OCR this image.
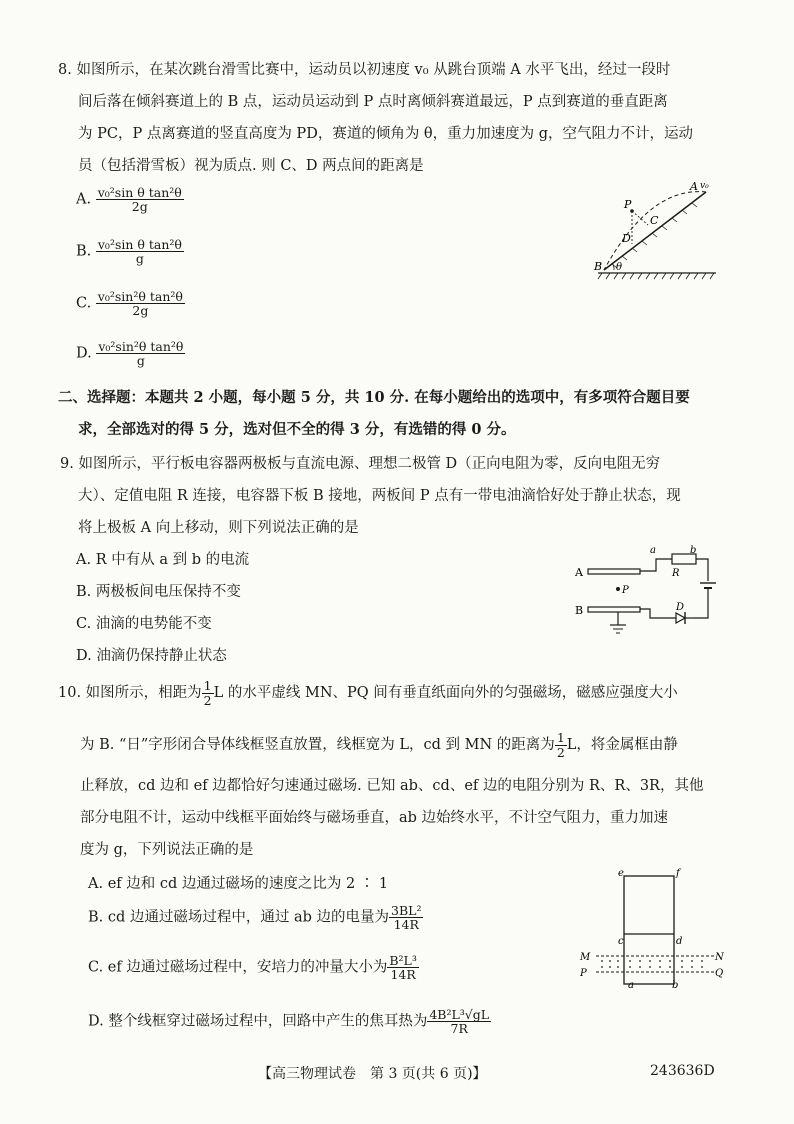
8. 如图所示，在某次跳台滑雪比赛中，运动员以初速度 v₀ 从跳台顶端 A 水平飞出，经过一段时
间后落在倾斜赛道上的 B 点，运动员运动到 P 点时离倾斜赛道最远，P 点到赛道的垂直距离
为 PC，P 点离赛道的竖直高度为 PD，赛道的倾角为 θ，重力加速度为 g，空气阻力不计，运动
员（包括滑雪板）视为质点. 则 C、D 两点间的距离是
A. $\frac{\text{v₀²sin θ tan²θ}}{2g}$
B. $\frac{\text{v₀²sin θ tan²θ}}{g}$
C. $\frac{\text{v₀²sin²θ tan²θ}}{2g}$
D. $\frac{\text{v₀²sin²θ tan²θ}}{g}$
A v₀
P
C
D
B θ
二、选择题：本题共 2 小题，每小题 5 分，共 10 分. 在每小题给出的选项中，有多项符合题目要
求，全部选对的得 5 分，选对但不全的得 3 分，有选错的得 0 分。
9. 如图所示，平行板电容器两极板与直流电源、理想二极管 D（正向电阻为零，反向电阻无穷
大）、定值电阻 R 连接，电容器下板 B 接地，两板间 P 点有一带电油滴恰好处于静止状态，现
将上极板 A 向上移动，则下列说法正确的是
A. R 中有从 a 到 b 的电流
B. 两极板间电压保持不变
C. 油滴的电势能不变
D. 油滴仍保持静止状态
a	b
R
A
P
B	D
10. 如图所示，相距为 $\frac{1}{2}$ L 的水平虚线 MN、PQ 间有垂直纸面向外的匀强磁场，磁感应强度大小
为 B. “日”字形闭合导体线框竖直放置，线框宽为 L，cd 到 MN 的距离为 $\frac{1}{2}$ L，将金属框由静
止释放，cd 边和 ef 边都恰好匀速通过磁场. 已知 ab、cd、ef 边的电阻分别为 R、R、3R，其他
部分电阻不计，运动中线框平面始终与磁场垂直，ab 边始终水平，不计空气阻力，重力加速
度为 g，下列说法正确的是
A. ef 边和 cd 边通过磁场的速度之比为 2 ∶ 1
B. cd 边通过磁场过程中，通过 ab 边的电量为 $\frac{\text{3BL²}}{14R}$
C. ef 边通过磁场过程中，安培力的冲量大小为 $\frac{\text{B²L³}}{14R}$
D. 整个线框穿过磁场过程中，回路中产生的焦耳热为 $\frac{\text{4B²L³√gL}}{7R}$
e	f
c	d
M	N
P	Q
a	b
【高三物理试卷　第 3 页(共 6 页)】	243636D
